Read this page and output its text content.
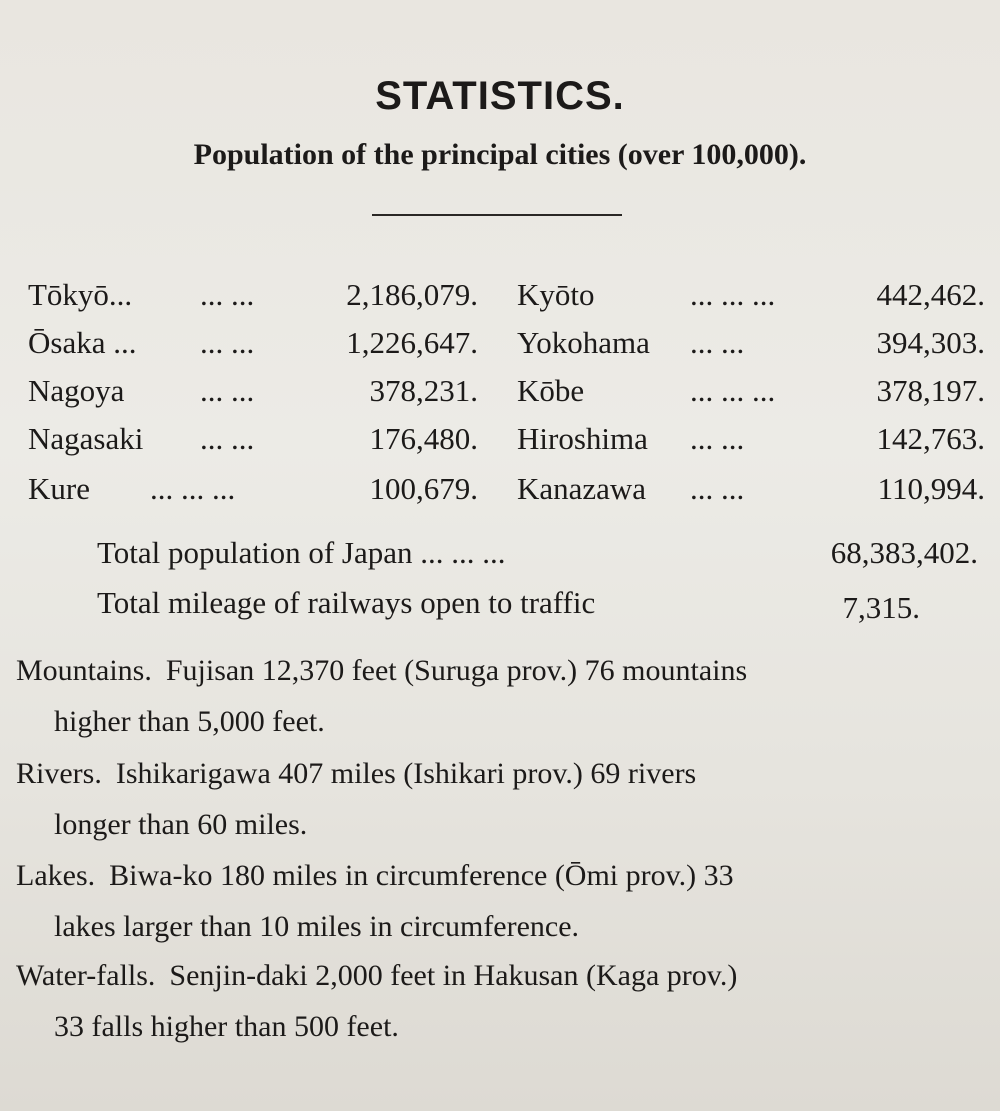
STATISTICS.
Population of the principal cities (over 100,000).
Tōkyō... ... ...	2,186,079. Kyōto	... ... ...	442,462.
Ōsaka ... ... ...	1,226,647. Yokohama ... ...	394,303.
Nagoya ... ...	378,231. Kōbe	... ... ...	378,197.
Nagasaki ... ...	176,480. Hiroshima ... ...	142,763.
Kure ... ... ...	100,679. Kanazawa ... ...	110,994.
Total population of Japan ... ... ...	68,383,402.
Total mileage of railways open to traffic	7,315.
Mountains. Fujisan 12,370 feet (Suruga prov.) 76 mountains
higher than 5,000 feet.
Rivers. Ishikarigawa 407 miles (Ishikari prov.) 69 rivers
longer than 60 miles.
Lakes. Biwa-ko 180 miles in circumference (Ōmi prov.) 33
lakes larger than 10 miles in circumference.
Water-falls. Senjin-daki 2,000 feet in Hakusan (Kaga prov.)
33 falls higher than 500 feet.
